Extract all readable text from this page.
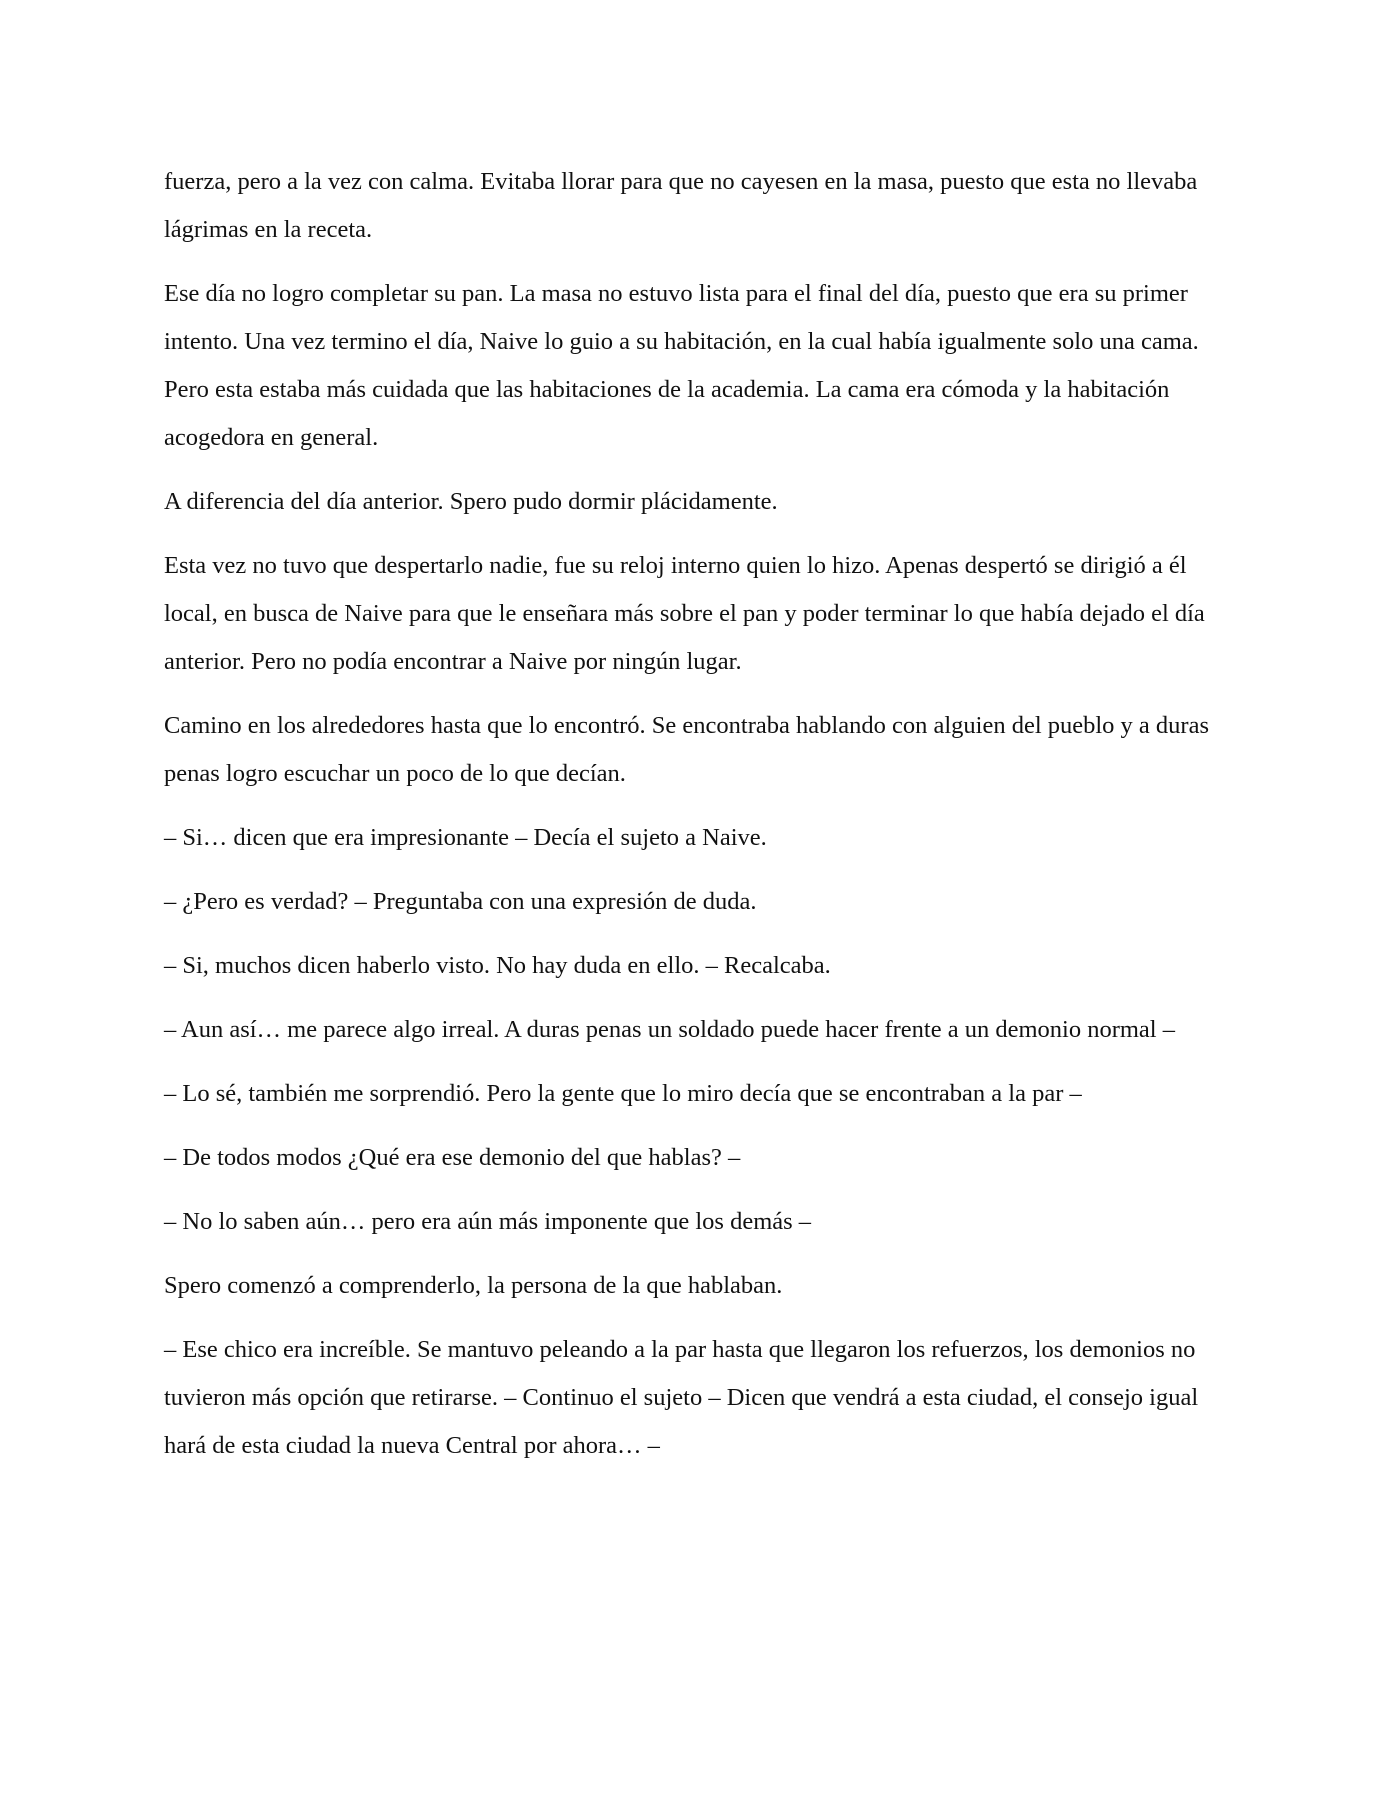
fuerza, pero a la vez con calma. Evitaba llorar para que no cayesen en la masa, puesto que esta no llevaba lágrimas en la receta.

Ese día no logro completar su pan. La masa no estuvo lista para el final del día, puesto que era su primer intento. Una vez termino el día, Naive lo guio a su habitación, en la cual había igualmente solo una cama. Pero esta estaba más cuidada que las habitaciones de la academia. La cama era cómoda y la habitación acogedora en general.

A diferencia del día anterior. Spero pudo dormir plácidamente.

Esta vez no tuvo que despertarlo nadie, fue su reloj interno quien lo hizo. Apenas despertó se dirigió a él local, en busca de Naive para que le enseñara más sobre el pan y poder terminar lo que había dejado el día anterior. Pero no podía encontrar a Naive por ningún lugar.

Camino en los alrededores hasta que lo encontró. Se encontraba hablando con alguien del pueblo y a duras penas logro escuchar un poco de lo que decían.

– Si… dicen que era impresionante – Decía el sujeto a Naive.

– ¿Pero es verdad? – Preguntaba con una expresión de duda.

– Si, muchos dicen haberlo visto. No hay duda en ello. – Recalcaba.

– Aun así… me parece algo irreal. A duras penas un soldado puede hacer frente a un demonio normal –

– Lo sé, también me sorprendió. Pero la gente que lo miro decía que se encontraban a la par –

– De todos modos ¿Qué era ese demonio del que hablas? –

– No lo saben aún… pero era aún más imponente que los demás –

Spero comenzó a comprenderlo, la persona de la que hablaban.

– Ese chico era increíble. Se mantuvo peleando a la par hasta que llegaron los refuerzos, los demonios no tuvieron más opción que retirarse. – Continuo el sujeto – Dicen que vendrá a esta ciudad, el consejo igual hará de esta ciudad la nueva Central por ahora… –
